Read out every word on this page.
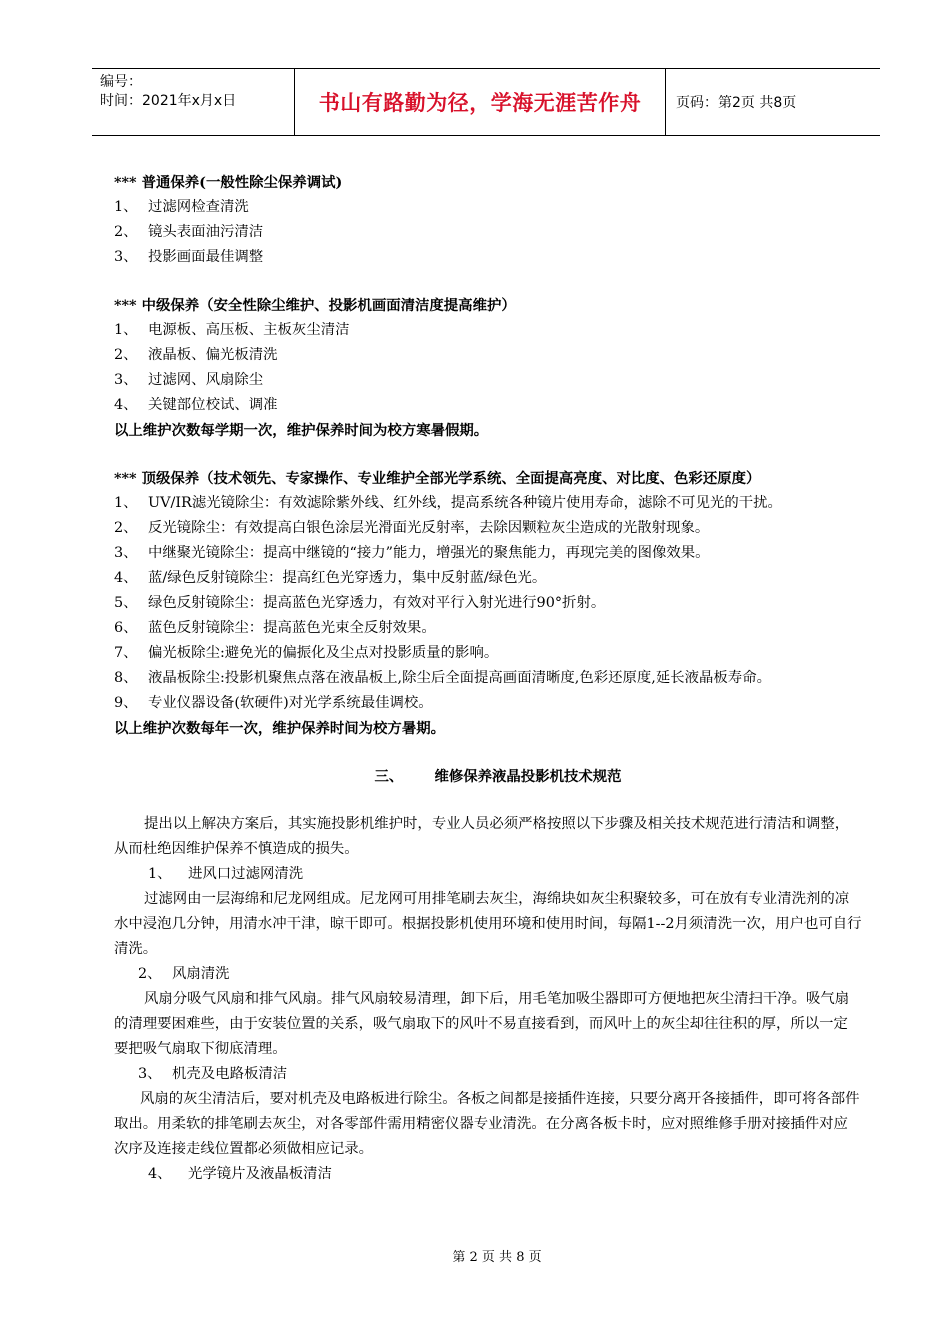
编号：
时间：2021年x月x日	书山有路勤为径，学海无涯苦作舟 页码：第2页 共8页
*** 普通保养(一般性除尘保养调试)
1、 过滤网检查清洗
2、 镜头表面油污清洁
3、 投影画面最佳调整
*** 中级保养（安全性除尘维护、投影机画面清洁度提高维护）
1、 电源板、高压板、主板灰尘清洁
2、 液晶板、偏光板清洗
3、 过滤网、风扇除尘
4、 关键部位校试、调准
以上维护次数每学期一次，维护保养时间为校方寒暑假期。
*** 顶级保养（技术领先、专家操作、专业维护全部光学系统、全面提高亮度、对比度、色彩还原度）
1、 UV/IR滤光镜除尘：有效滤除紫外线、红外线，提高系统各种镜片使用寿命，滤除不可见光的干扰。
2、 反光镜除尘：有效提高白银色涂层光滑面光反射率，去除因颗粒灰尘造成的光散射现象。
3、 中继聚光镜除尘：提高中继镜的“接力”能力，增强光的聚焦能力，再现完美的图像效果。
4、 蓝/绿色反射镜除尘：提高红色光穿透力，集中反射蓝/绿色光。
5、 绿色反射镜除尘：提高蓝色光穿透力，有效对平行入射光进行90°折射。
6、 蓝色反射镜除尘：提高蓝色光束全反射效果。
7、 偏光板除尘:避免光的偏振化及尘点对投影质量的影响。
8、 液晶板除尘:投影机聚焦点落在液晶板上,除尘后全面提高画面清晰度,色彩还原度,延长液晶板寿命。
9、 专业仪器设备(软硬件)对光学系统最佳调校。
以上维护次数每年一次，维护保养时间为校方暑期。
三、 维修保养液晶投影机技术规范
提出以上解决方案后，其实施投影机维护时，专业人员必须严格按照以下步骤及相关技术规范进行清洁和调整，从而杜绝因维护保养不慎造成的损失。
1、 进风口过滤网清洗
过滤网由一层海绵和尼龙网组成。尼龙网可用排笔刷去灰尘，海绵块如灰尘积聚较多，可在放有专业清洗剂的凉水中浸泡几分钟，用清水冲干津，晾干即可。根据投影机使用环境和使用时间，每隔1--2月须清洗一次，用户也可自行清洗。
2、 风扇清洗
风扇分吸气风扇和排气风扇。排气风扇较易清理，卸下后，用毛笔加吸尘器即可方便地把灰尘清扫干净。吸气扇的清理要困难些，由于安装位置的关系，吸气扇取下的风叶不易直接看到，而风叶上的灰尘却往往积的厚，所以一定要把吸气扇取下彻底清理。
3、 机壳及电路板清洁
风扇的灰尘清洁后，要对机壳及电路板进行除尘。各板之间都是接插件连接，只要分离开各接插件，即可将各部件取出。用柔软的排笔刷去灰尘，对各零部件需用精密仪器专业清洗。在分离各板卡时，应对照维修手册对接插件对应次序及连接走线位置都必须做相应记录。
4、 光学镜片及液晶板清洁
第 2 页 共 8 页
